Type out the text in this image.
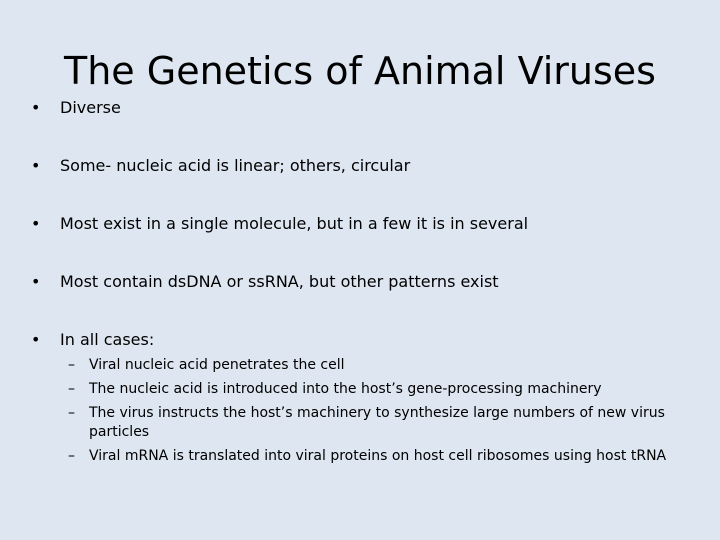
The Genetics of Animal Viruses
• Diverse
• Some- nucleic acid is linear; others, circular
• Most exist in a single molecule, but in a few it is in several
• Most contain dsDNA or ssRNA, but other patterns exist
• In all cases:
– Viral nucleic acid penetrates the cell
– The nucleic acid is introduced into the host’s gene-processing machinery
– The virus instructs the host’s machinery to synthesize large numbers of new virus particles
– Viral mRNA is translated into viral proteins on host cell ribosomes using host tRNA
